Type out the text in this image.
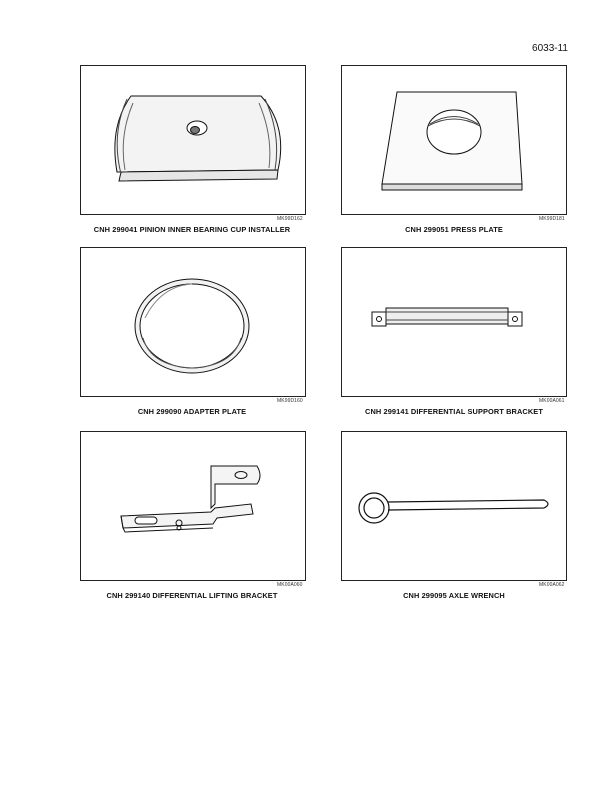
6033-11
MK99D162
CNH 299041 PINION INNER BEARING CUP INSTALLER
MK99D181
CNH 299051 PRESS PLATE
MK99D160
CNH 299090 ADAPTER PLATE
MK00A061
CNH 299141 DIFFERENTIAL SUPPORT BRACKET
MK00A060
CNH 299140 DIFFERENTIAL LIFTING BRACKET
MK00A062
CNH 299095 AXLE WRENCH
